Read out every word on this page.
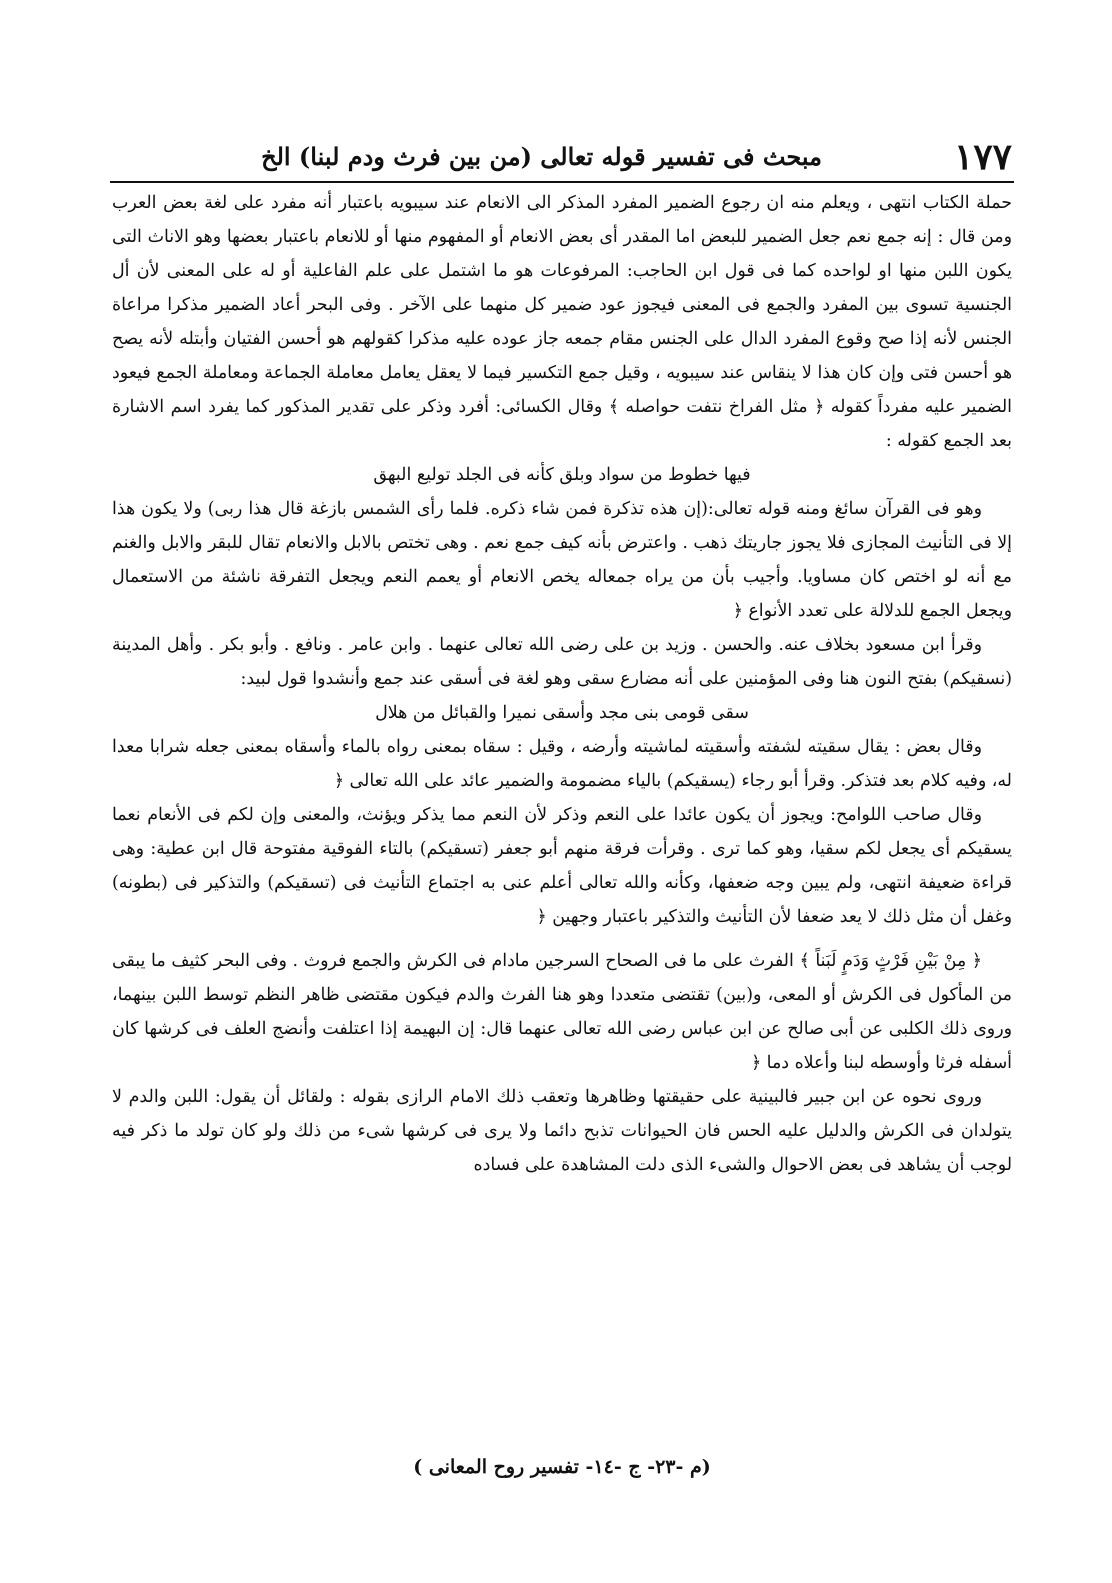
١٧٧
مبحث فى تفسير قوله تعالى (من بين فرث ودم لبنا) الخ

حملة الكتاب انتهى ، ويعلم منه ان رجوع الضمير المفرد المذكر الى الانعام عند سيبويه باعتبار أنه مفرد على لغة بعض العرب ومن قال : إنه جمع نعم جعل الضمير للبعض اما المقدر أى بعض الانعام أو المفهوم منها أو للانعام باعتبار بعضها وهو الاناث التى يكون اللبن منها او لواحده كما فى قول ابن الحاجب: المرفوعات هو ما اشتمل على علم الفاعلية أو له على المعنى لأن أل الجنسية تسوى بين المفرد والجمع فى المعنى فيجوز عود ضمير كل منهما على الآخر . وفى البحر أعاد الضمير مذكرا مراعاة الجنس لأنه إذا صح وقوع المفرد الدال على الجنس مقام جمعه جاز عوده عليه مذكرا كقولهم هو أحسن الفتيان وأبتله لأنه يصح هو أحسن فتى وإن كان هذا لا ينقاس عند سيبويه ، وقيل جمع التكسير فيما لا يعقل يعامل معاملة الجماعة ومعاملة الجمع فيعود الضمير عليه مفرداً كقوله ﴿ مثل الفراخ نتفت حواصله ﴾ وقال الكسائى: أفرد وذكر على تقدير المذكور كما يفرد اسم الاشارة بعد الجمع كقوله :

فيها خطوط من سواد وبلق كأنه فى الجلد توليع البهق

وهو فى القرآن سائغ ومنه قوله تعالى:(إن هذه تذكرة فمن شاء ذكره. فلما رأى الشمس بازغة قال هذا ربى) ولا يكون هذا إلا فى التأنيث المجازى فلا يجوز جاريتك ذهب . واعترض بأنه كيف جمع نعم . وهى تختص بالابل والانعام تقال للبقر والابل والغنم مع أنه لو اختص كان مساويا. وأجيب بأن من يراه جمعاله يخص الانعام أو يعمم النعم ويجعل التفرقة ناشئة من الاستعمال ويجعل الجمع للدلالة على تعدد الأنواع ﴿

وقرأ ابن مسعود بخلاف عنه. والحسن . وزيد بن على رضى الله تعالى عنهما . وابن عامر . ونافع . وأبو بكر . وأهل المدينة (نسقيكم) بفتح النون هنا وفى المؤمنين على أنه مضارع سقى وهو لغة فى أسقى عند جمع وأنشدوا قول لبيد:

سقى قومى بنى مجد وأسقى نميرا والقبائل من هلال

وقال بعض : يقال سقيته لشفته وأسقيته لماشيته وأرضه ، وقيل : سقاه بمعنى رواه بالماء وأسقاه بمعنى جعله شرابا معدا له، وفيه كلام بعد فتذكر. وقرأ أبو رجاء (يسقيكم) بالياء مضمومة والضمير عائد على الله تعالى ﴿

وقال صاحب اللوامح: ويجوز أن يكون عائدا على النعم وذكر لأن النعم مما يذكر ويؤنث، والمعنى وإن لكم فى الأنعام نعما يسقيكم أى يجعل لكم سقيا، وهو كما ترى . وقرأت فرقة منهم أبو جعفر (تسقيكم) بالتاء الفوقية مفتوحة قال ابن عطية: وهى قراءة ضعيفة انتهى، ولم يبين وجه ضعفها، وكأنه والله تعالى أعلم عنى به اجتماع التأنيث فى (تسقيكم) والتذكير فى (بطونه) وغفل أن مثل ذلك لا يعد ضعفا لأن التأنيث والتذكير باعتبار وجهين ﴿

﴿ مِنْ بَيْنِ فَرْثٍ وَدَمٍ لَبَناً ﴾ الفرث على ما فى الصحاح السرجين مادام فى الكرش والجمع فروث . وفى البحر كثيف ما يبقى من المأكول فى الكرش أو المعى، و(بين) تقتضى متعددا وهو هنا الفرث والدم فيكون مقتضى ظاهر النظم توسط اللبن بينهما، وروى ذلك الكلبى عن أبى صالح عن ابن عباس رضى الله تعالى عنهما قال: إن البهيمة إذا اعتلفت وأنضج العلف فى كرشها كان أسفله فرثا وأوسطه لبنا وأعلاه دما ﴿

وروى نحوه عن ابن جبير فالبينية على حقيقتها وظاهرها وتعقب ذلك الامام الرازى بقوله : ولقائل أن يقول: اللبن والدم لا يتولدان فى الكرش والدليل عليه الحس فان الحيوانات تذبح دائما ولا يرى فى كرشها شىء من ذلك ولو كان تولد ما ذكر فيه لوجب أن يشاهد فى بعض الاحوال والشىء الذى دلت المشاهدة على فساده

(م -٢٣- ج -١٤- تفسير روح المعانى )
